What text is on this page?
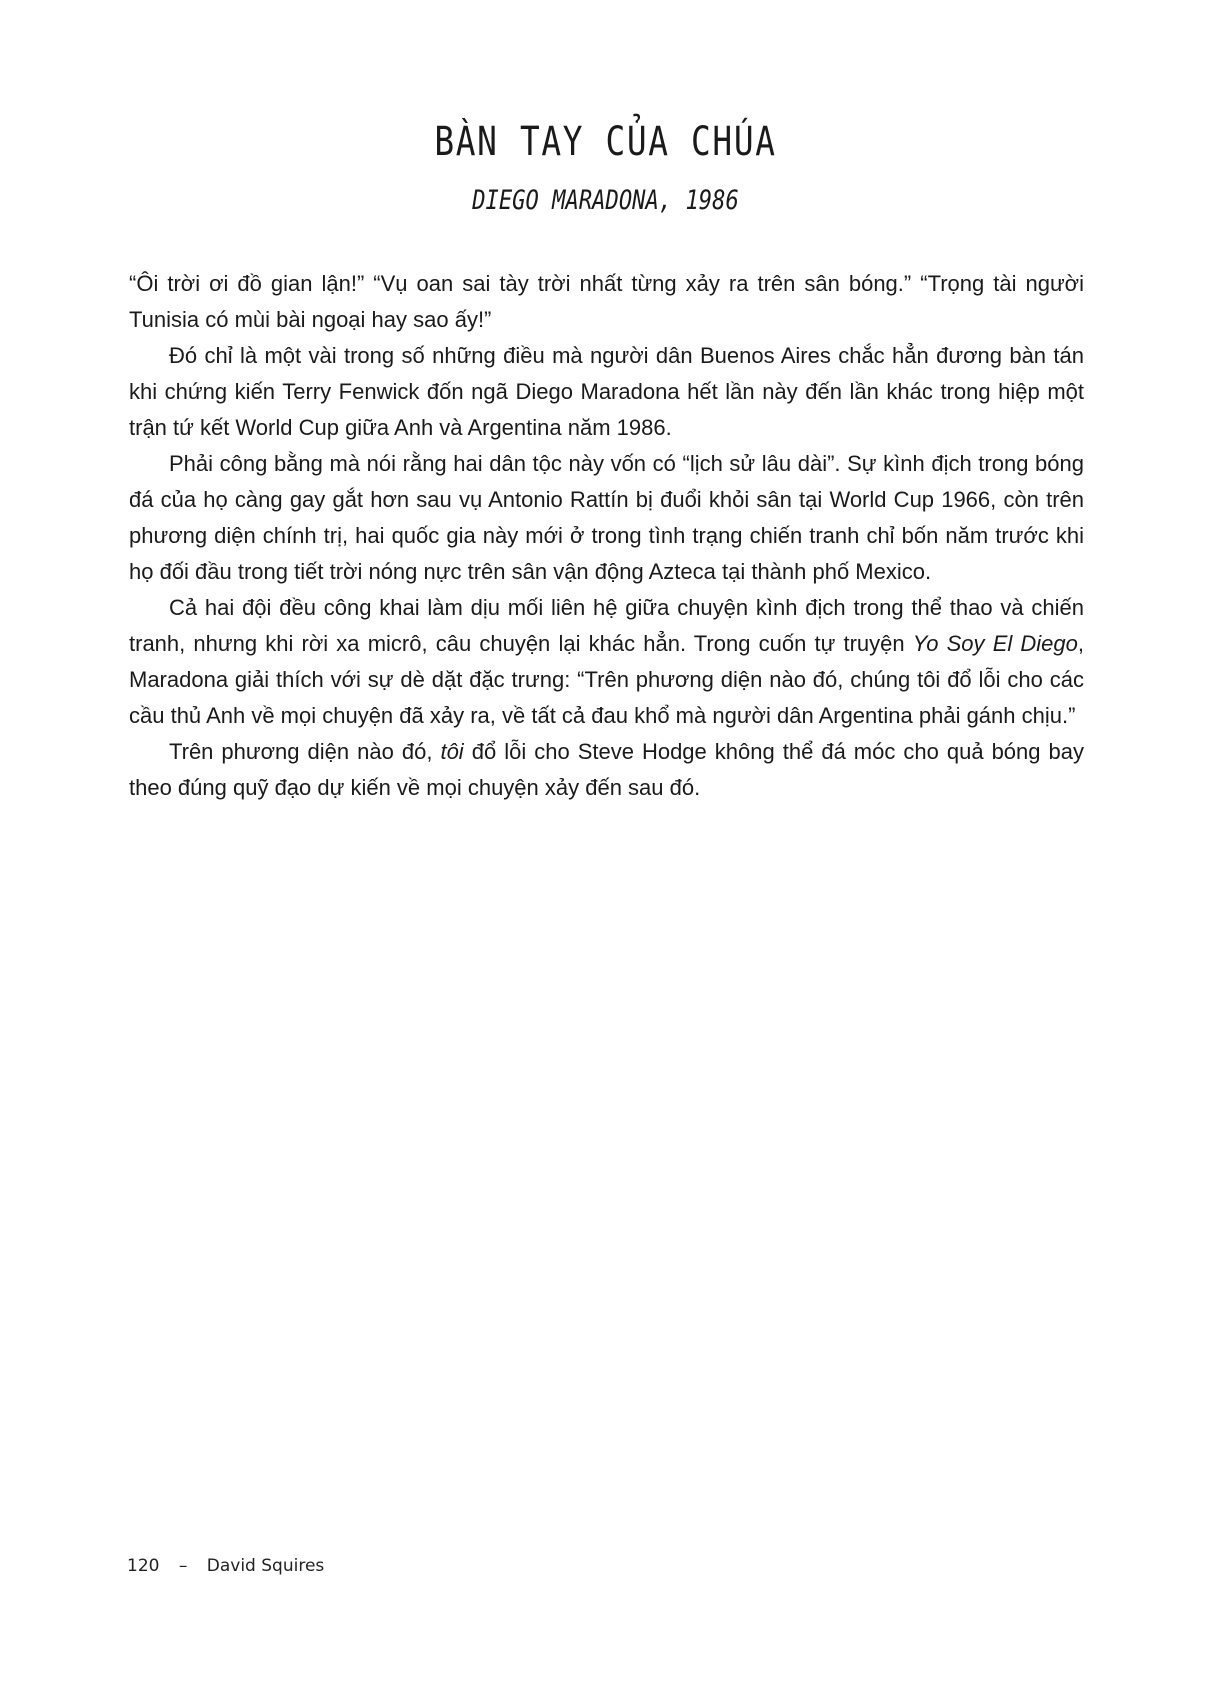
BÀN TAY CỦA CHÚA
DIEGO MARADONA, 1986

“Ôi trời ơi đồ gian lận!” “Vụ oan sai tày trời nhất từng xảy ra trên sân bóng.” “Trọng tài người Tunisia có mùi bài ngoại hay sao ấy!”

Đó chỉ là một vài trong số những điều mà người dân Buenos Aires chắc hẳn đương bàn tán khi chứng kiến Terry Fenwick đốn ngã Diego Maradona hết lần này đến lần khác trong hiệp một trận tứ kết World Cup giữa Anh và Argentina năm 1986.

Phải công bằng mà nói rằng hai dân tộc này vốn có “lịch sử lâu dài”. Sự kình địch trong bóng đá của họ càng gay gắt hơn sau vụ Antonio Rattín bị đuổi khỏi sân tại World Cup 1966, còn trên phương diện chính trị, hai quốc gia này mới ở trong tình trạng chiến tranh chỉ bốn năm trước khi họ đối đầu trong tiết trời nóng nực trên sân vận động Azteca tại thành phố Mexico.

Cả hai đội đều công khai làm dịu mối liên hệ giữa chuyện kình địch trong thể thao và chiến tranh, nhưng khi rời xa micrô, câu chuyện lại khác hẳn. Trong cuốn tự truyện Yo Soy El Diego, Maradona giải thích với sự dè dặt đặc trưng: “Trên phương diện nào đó, chúng tôi đổ lỗi cho các cầu thủ Anh về mọi chuyện đã xảy ra, về tất cả đau khổ mà người dân Argentina phải gánh chịu.”

Trên phương diện nào đó, tôi đổ lỗi cho Steve Hodge không thể đá móc cho quả bóng bay theo đúng quỹ đạo dự kiến về mọi chuyện xảy đến sau đó.

120 – David Squires
